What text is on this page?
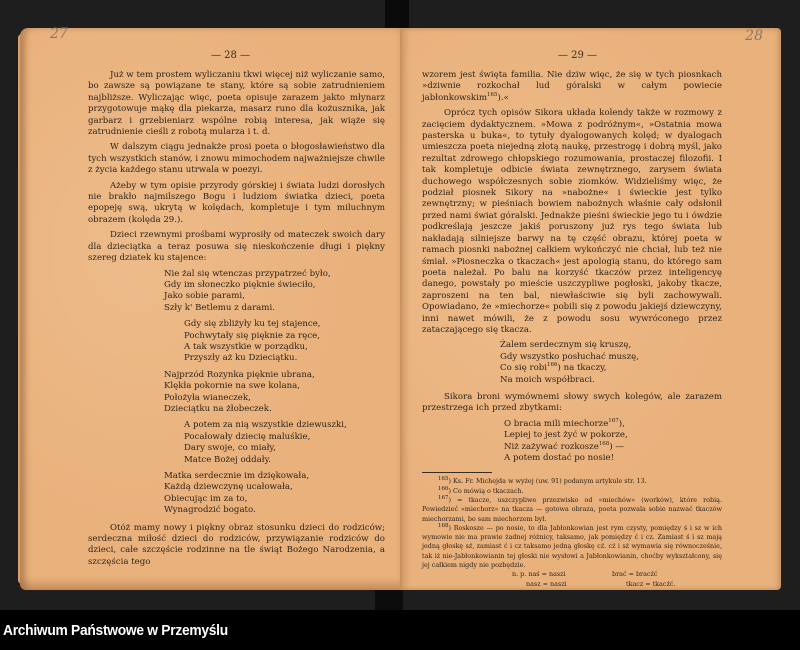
27
— 28 —

Już w tem prostem wyliczaniu tkwi więcej niż wyliczanie samo, bo zawsze są powiązane te stany, które są sobie zatrudnieniem najbliższe. Wyliczając więc, poeta opisuje zarazem jakto młynarz przygotowuje mąkę dla piekarza, masarz runo dla kożusznika, jak garbarz i grzebieniarz wspólne robią interesa, jak wiąże się zatrudnienie cieśli z robotą mularza i t. d.

W dalszym ciągu jednakże prosi poeta o błogosławieństwo dla tych wszystkich stanów, i znowu mimochodem najważniejsze chwile z życia każdego stanu utrwala w poezyi.

Ażeby w tym opisie przyrody górskiej i świata ludzi dorosłych nie brakło najmilszego Bogu i ludziom światka dzieci, poeta epopeję swą, ukrytą w kolędach, kompletuje i tym miluchnym obrazem (kolęda 29.).

Dzieci rzewnymi prośbami wyprosiły od mateczek swoich dary dla dzieciątka a teraz posuwa się nieskończenie długi i piękny szereg dziatek ku stajence:

Nie żal się wtenczas przypatrzeć było,
Gdy im słoneczko pięknie świeciło,
Jako sobie parami,
Szły k' Betlemu z darami.
Gdy się zbliżyły ku tej stajence,
Pochwytały się pięknie za ręce,
A tak wszystkie w porządku,
Przyszły aż ku Dzieciątku.
Najprzód Rozynka pięknie ubrana,
Klękła pokornie na swe kolana,
Położyła wianeczek,
Dzieciątku na żłobeczek.
A potem za nią wszystkie dziewuszki,
Pocałowały dziecię maluśkie,
Dary swoje, co miały,
Matce Bożej oddały.
Matka serdecznie im dziękowała,
Każdą dziewczynę ucałowała,
Obiecując im za to,
Wynagrodzić bogato.

Otóż mamy nowy i piękny obraz stosunku dzieci do rodziców; serdeczna miłość dzieci do rodziców, przywiązanie rodziców do dzieci, całe szczęście rodzinne na tle świąt Bożego Narodzenia, a szczęścia tego

28
— 29 —

wzorem jest święta familia. Nie dziw więc, że się w tych piosnkach »dziwnie rozkochał lud góralski w całym powiecie jabłonkowskim$^{165}$).«

Oprócz tych opisów Sikora układa kolendy także w rozmowy z zacięciem dydaktycznem. »Mowa z podróżnym«, »Ostatnia mowa pasterska u buka«, to tytuły dyalogowanych kolęd; w dyalogach umieszcza poeta niejedną złotą naukę, przestrogę i dobrą myśl, jako rezultat zdrowego chłopskiego rozumowania, prostaczej filozofii. I tak kompletuje odbicie świata zewnętrznego, zarysem świata duchowego współczesnych sobie ziomków. Widzieliśmy więc, że podział piosnek Sikory na »nabożne« i świeckie jest tylko zewnętrzny; w pieśniach bowiem nabożnych właśnie cały odsłonił przed nami świat góralski. Jednakże pieśni świeckie jego tu i ówdzie podkreślają jeszcze jakiś poruszony już rys tego świata lub nakładają silniejsze barwy na tę część obrazu, której poeta w ramach piosnki nabożnej całkiem wykończyć nie chciał, lub też nie śmiał. »Piosneczka o tkaczach« jest apologią stanu, do którego sam poeta należał. Po balu na korzyść tkaczów przez inteligencyę danego, powstały po mieście uszczypliwe pogłoski, jakoby tkacze, zaproszeni na ten bal, niewłaściwie się byli zachowywali. Opowiadano, że »miechorze« pobili się z powodu jakiejś dziewczyny, inni nawet mówili, że z powodu sosu wywróconego przez zataczającego się tkacza.

Żalem serdecznym się kruszę,
Gdy wszystko posłuchać muszę,
Co się robi$^{166}$) na tkaczy,
Na moich współbraci.

Sikora broni wymównemi słowy swych kolegów, ale zarazem przestrzega ich przed zbytkami:

O bracia mili miechorze$^{167}$),
Lepiej to jest żyć w pokorze,
Niż zażywać rozkosze$^{168}$) —
A potem dostać po nosie!
$^{165}$) Ks. Fr. Michejda w wyżej (uw. 91) podanym artykule str. 13.
$^{166}$) Co mówią o tkaczach.
$^{167}$) = tkacze, uszczypliwe przezwisko od »miechów« (worków), które robią. Powiedzieć »miechorz« na tkacza — gotowa obraza, poeta pozwala sobie nazwać tkaczów miechorzami, bo sam miechorzem był.
$^{168}$) Roskosze — po nosie, to dla Jabłonkowian jest rym czysty, pomiędzy ś i sz w ich wymowie nie ma prawie żadnej różnicy, taksamo, jak pomiędzy ć i cz. Zamiast ś i sz mają jedną głoskę sź, zamiast ć i cz taksamo jedną głoskę cź. cź i sź wymawia się równocześnie, tak iż nie-Jabłonkowianin tej głoski nie wysłowi a Jabłonkowianin, choćby wykształcony, się jej całkiem nigdy nie pozbędzie.
n. p. nаś = naszi	brać = bracźć
nasz = naszi	tkacz = tkacźć.
Archiwum Państwowe w Przemyślu
